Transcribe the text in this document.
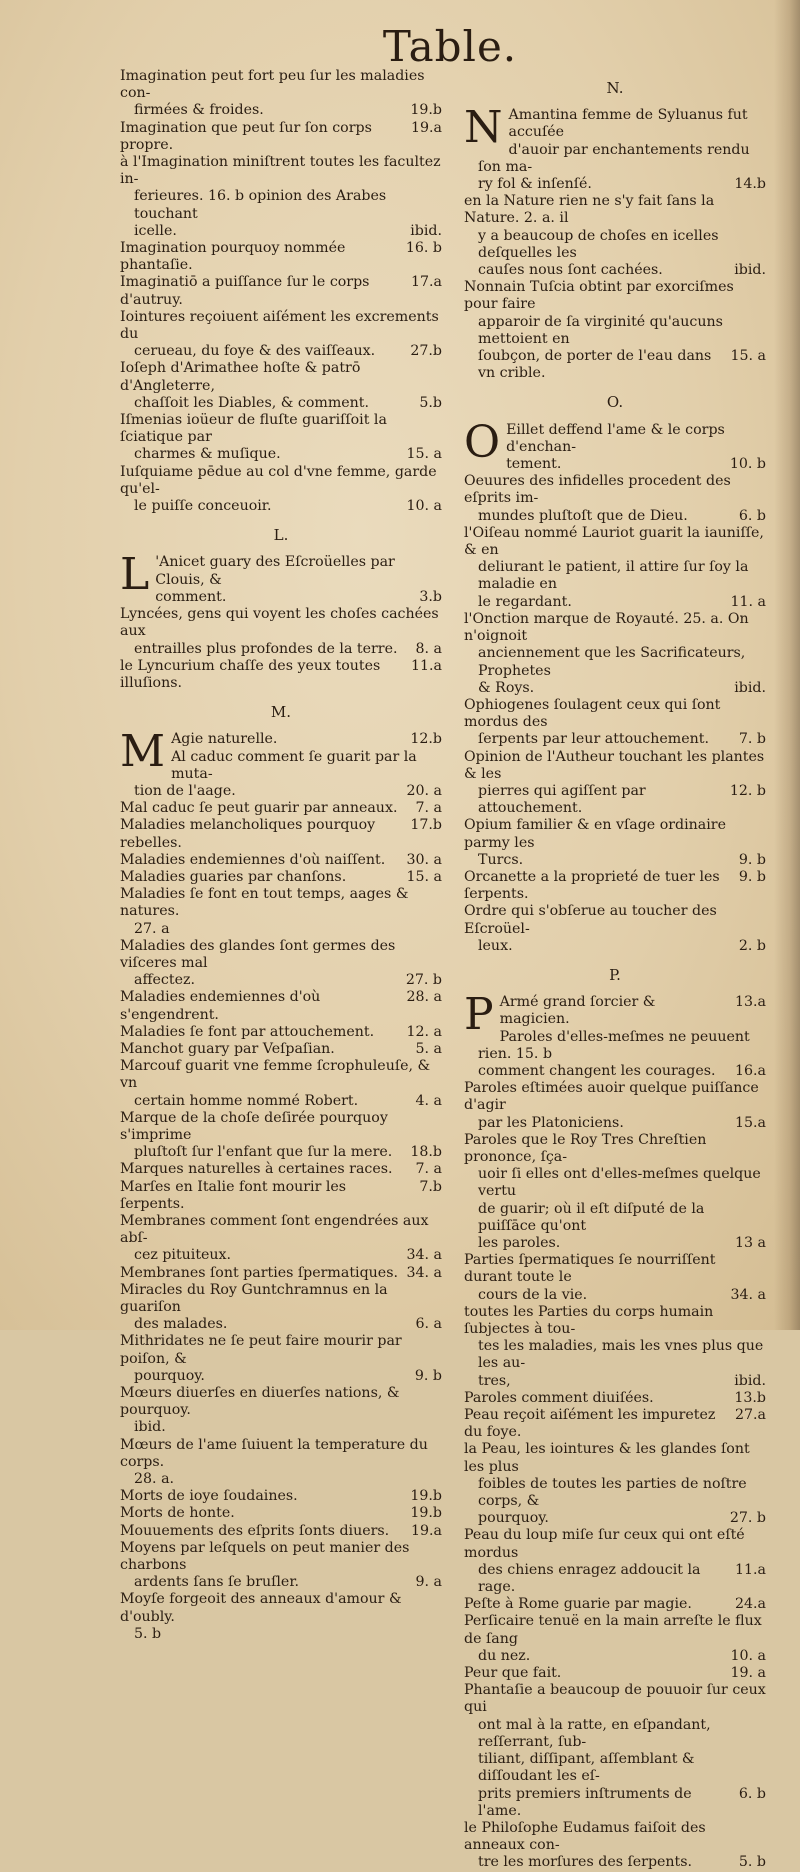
Table.
Imagination peut fort peu ſur les maladies con-
19.b
firmées & froides.
19.a
Imagination que peut ſur ſon corps propre.
à l'Imagination miniſtrent toutes les facultez in-
ferieures. 16. b opinion des Arabes touchant
ibid.
icelle.
16. b
Imagination pourquoy nommée phantaſie.
17.a
Imaginatiō a puiſſance ſur le corps d'autruy.
Iointures reçoiuent aiſément les excrements du
27.b
cerueau, du foye & des vaiſſeaux.
Ioſeph d'Arimathee hoſte & patrō d'Angleterre,
5.b
chaſſoit les Diables, & comment.
Iſmenias ioüeur de fluſte guariſſoit la ſciatique par
15. a
charmes & muſique.
Iuſquiame pēdue au col d'vne femme, garde qu'el-
10. a
le puiſſe conceuoir.
L.
L 'Anicet guary des Eſcroüelles par Clouis, &
3.b
comment.
Lyncées, gens qui voyent les choſes cachées aux
8. a
entrailles plus profondes de la terre.
11.a
le Lyncurium chaſſe des yeux toutes illuſions.
M.
M	12.b
Agie naturelle.
Al caduc comment ſe guarit par la muta-
20. a
tion de l'aage.
7. a
Mal caduc ſe peut guarir par anneaux.
17.b
Maladies melancholiques pourquoy rebelles.
30. a
Maladies endemiennes d'où naiſſent.
15. a
Maladies guaries par chanſons.
Maladies ſe font en tout temps, aages & natures.
27. a
Maladies des glandes ſont germes des viſceres mal
27. b
affectez.
28. a
Maladies endemiennes d'où s'engendrent.
12. a
Maladies ſe font par attouchement.
5. a
Manchot guary par Veſpaſian.
Marcouf guarit vne femme ſcrophuleuſe, & vn
4. a
certain homme nommé Robert.
Marque de la choſe deſirée pourquoy s'imprime
18.b
pluſtoſt ſur l'enfant que ſur la mere.
7. a
Marques naturelles à certaines races.
7.b
Marſes en Italie font mourir les ſerpents.
Membranes comment ſont engendrées aux abſ-
34. a
cez pituiteux.
34. a
Membranes ſont parties ſpermatiques.
Miracles du Roy Guntchramnus en la guariſon
6. a
des malades.
Mithridates ne ſe peut faire mourir par poiſon, &
9. b
pourquoy.
Mœurs diuerſes en diuerſes nations, & pourquoy.
ibid.
Mœurs de l'ame ſuiuent la temperature du corps.
28. a.
19.b
Morts de ioye ſoudaines.
19.b
Morts de honte.
19.a
Mouuements des eſprits ſonts diuers.
Moyens par leſquels on peut manier des charbons
9. a
ardents ſans ſe bruſler.
Moyſe forgeoit des anneaux d'amour & d'oubly.
5. b
N.
N Amantina femme de Syluanus fut accuſée
d'auoir par enchantements rendu ſon ma-
14.b
ry fol & inſenſé.
en la Nature rien ne s'y fait ſans la Nature. 2. a. il
y a beaucoup de choſes en icelles deſquelles les
ibid.
cauſes nous ſont cachées.
Nonnain Tuſcia obtint par exorciſmes pour faire
apparoir de ſa virginité qu'aucuns mettoient en
15. a
ſoubçon, de porter de l'eau dans vn crible.
O.
O Eillet deffend l'ame & le corps d'enchan-
10. b
tement.
Oeuures des infidelles procedent des eſprits im-
6. b
mundes pluſtoſt que de Dieu.
l'Oiſeau nommé Lauriot guarit la iauniſſe, & en
deliurant le patient, il attire ſur ſoy la maladie en
11. a
le regardant.
l'Onction marque de Royauté. 25. a. On n'oignoit
anciennement que les Sacrificateurs, Prophetes
ibid.
& Roys.
Ophiogenes ſoulagent ceux qui ſont mordus des
7. b
ſerpents par leur attouchement.
Opinion de l'Autheur touchant les plantes & les
12. b
pierres qui agiſſent par attouchement.
Opium familier & en vſage ordinaire parmy les
9. b
Turcs.
9. b
Orcanette a la proprieté de tuer les ſerpents.
Ordre qui s'obſerue au toucher des Eſcroüel-
2. b
leux.
P.
P	13.a
Armé grand ſorcier & magicien.
Paroles d'elles-meſmes ne peuuent rien. 15. b
16.a
comment changent les courages.
Paroles eſtimées auoir quelque puiſſance d'agir
15.a
par les Platoniciens.
Paroles que le Roy Tres Chreſtien prononce, ſça-
uoir ſi elles ont d'elles-meſmes quelque vertu
de guarir; où il eſt diſputé de la puiſſāce qu'ont
13 a
les paroles.
Parties ſpermatiques ſe nourriſſent durant toute le
34. a
cours de la vie.
toutes les Parties du corps humain ſubjectes à tou-
tes les maladies, mais les vnes plus que les au-
ibid.
tres,
13.b
Paroles comment diuiſées.
27.a
Peau reçoit aiſément les impuretez du foye.
la Peau, les iointures & les glandes ſont les plus
foibles de toutes les parties de noſtre corps, &
27. b
pourquoy.
Peau du loup miſe ſur ceux qui ont eſté mordus
11.a
des chiens enragez addoucit la rage.
24.a
Peſte à Rome guarie par magie.
Perſicaire tenuë en la main arreſte le flux de ſang
10. a
du nez.
19. a
Peur que fait.
Phantaſie a beaucoup de pouuoir ſur ceux qui
ont mal à la ratte, en eſpandant, reſſerrant, ſub-
tiliant, diſſipant, aſſemblant & diſſoudant les eſ-
6. b
prits premiers inſtruments de l'ame.
le Philoſophe Eudamus faiſoit des anneaux con-
5. b
tre les morſures des ſerpents.
